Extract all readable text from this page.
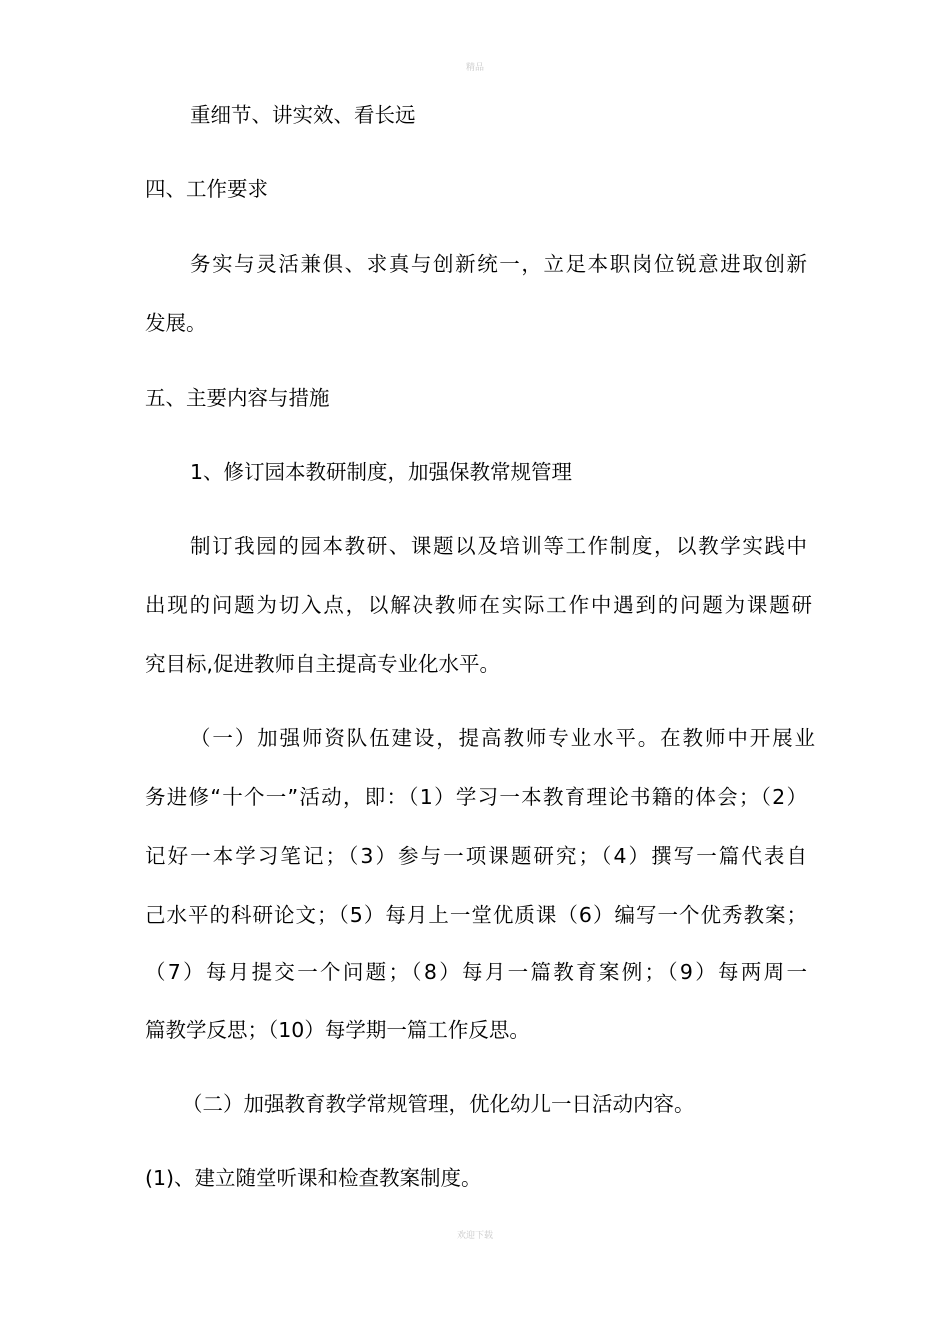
精品
重细节、讲实效、看长远
四、工作要求
务实与灵活兼俱、求真与创新统一，立足本职岗位锐意进取创新
发展。
五、主要内容与措施
1、修订园本教研制度，加强保教常规管理
制订我园的园本教研、课题以及培训等工作制度，以教学实践中
出现的问题为切入点，以解决教师在实际工作中遇到的问题为课题研
究目标,促进教师自主提高专业化水平。
（一）加强师资队伍建设，提高教师专业水平。在教师中开展业
务进修“十个一”活动，即：（1）学习一本教育理论书籍的体会；（2）
记好一本学习笔记；（3）参与一项课题研究；（4）撰写一篇代表自
己水平的科研论文；（5）每月上一堂优质课（6）编写一个优秀教案；
（7）每月提交一个问题；（8）每月一篇教育案例；（9）每两周一
篇教学反思；（10）每学期一篇工作反思。
（二）加强教育教学常规管理，优化幼儿一日活动内容。
(1)、建立随堂听课和检查教案制度。
欢迎下载
